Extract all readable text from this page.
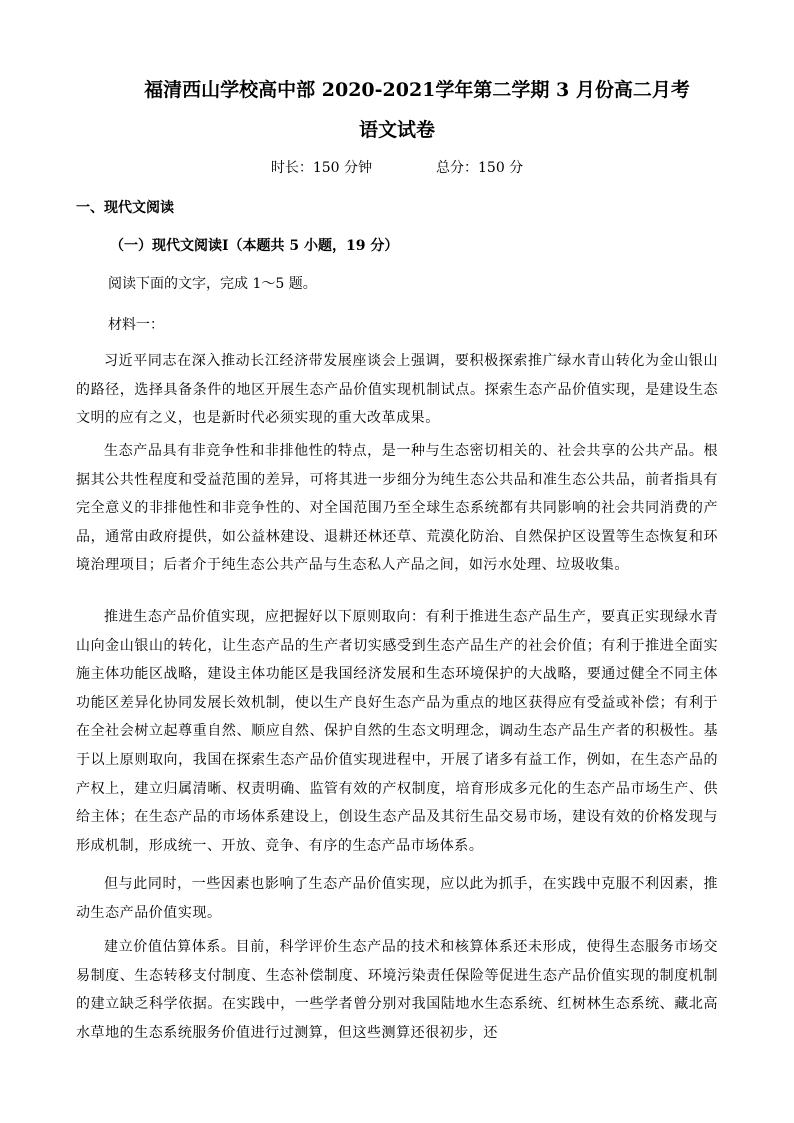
福清西山学校高中部 2020-2021学年第二学期 3 月份高二月考
语文试卷
时长：150 分钟	总分：150 分
一、现代文阅读
（一）现代文阅读Ⅰ（本题共 5 小题，19 分）
阅读下面的文字，完成 1～5 题。
材料一：
习近平同志在深入推动长江经济带发展座谈会上强调，要积极探索推广绿水青山转化为金山银山的路径，选择具备条件的地区开展生态产品价值实现机制试点。探索生态产品价值实现，是建设生态文明的应有之义，也是新时代必须实现的重大改革成果。
生态产品具有非竞争性和非排他性的特点，是一种与生态密切相关的、社会共享的公共产品。根据其公共性程度和受益范围的差异，可将其进一步细分为纯生态公共品和准生态公共品，前者指具有完全意义的非排他性和非竞争性的、对全国范围乃至全球生态系统都有共同影响的社会共同消费的产品，通常由政府提供，如公益林建设、退耕还林还草、荒漠化防治、自然保护区设置等生态恢复和环境治理项目；后者介于纯生态公共产品与生态私人产品之间，如污水处理、垃圾收集。
推进生态产品价值实现，应把握好以下原则取向：有利于推进生态产品生产，要真正实现绿水青山向金山银山的转化，让生态产品的生产者切实感受到生态产品生产的社会价值；有利于推进全面实施主体功能区战略，建设主体功能区是我国经济发展和生态环境保护的大战略，要通过健全不同主体功能区差异化协同发展长效机制，使以生产良好生态产品为重点的地区获得应有受益或补偿；有利于在全社会树立起尊重自然、顺应自然、保护自然的生态文明理念，调动生态产品生产者的积极性。基于以上原则取向，我国在探索生态产品价值实现进程中，开展了诸多有益工作，例如，在生态产品的产权上，建立归属清晰、权责明确、监管有效的产权制度，培育形成多元化的生态产品市场生产、供给主体；在生态产品的市场体系建设上，创设生态产品及其衍生品交易市场，建设有效的价格发现与形成机制，形成统一、开放、竞争、有序的生态产品市场体系。
但与此同时，一些因素也影响了生态产品价值实现，应以此为抓手，在实践中克服不利因素，推动生态产品价值实现。
建立价值估算体系。目前，科学评价生态产品的技术和核算体系还未形成，使得生态服务市场交易制度、生态转移支付制度、生态补偿制度、环境污染责任保险等促进生态产品价值实现的制度机制的建立缺乏科学依据。在实践中，一些学者曾分别对我国陆地水生态系统、红树林生态系统、藏北高水草地的生态系统服务价值进行过测算，但这些测算还很初步，还
